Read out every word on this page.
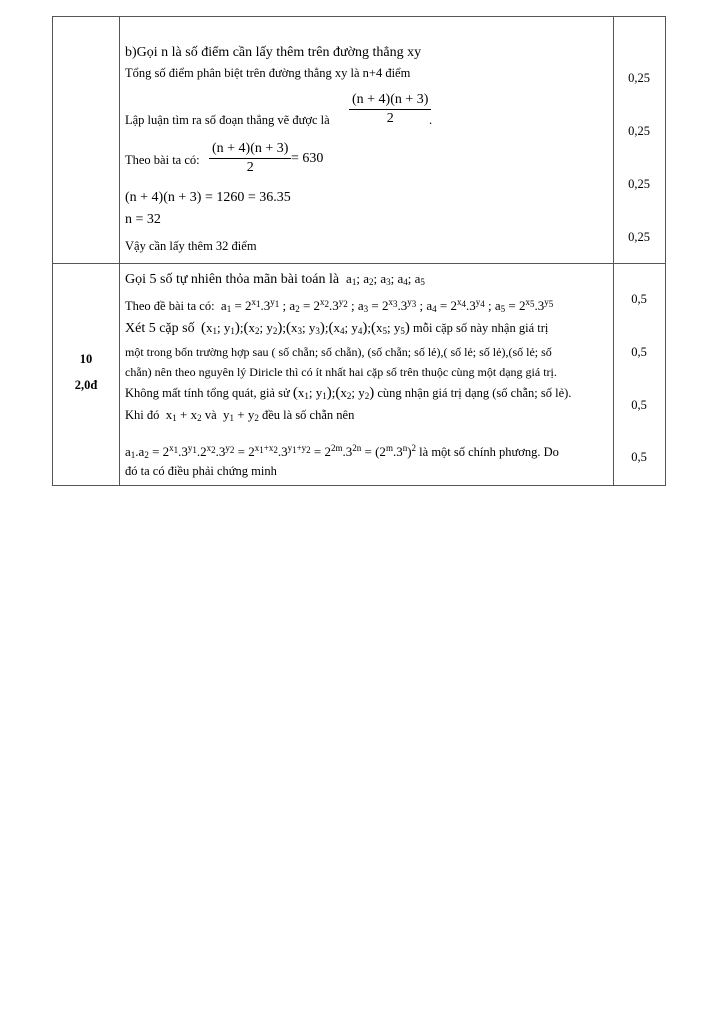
b)Gọi n là số điểm cần lấy thêm trên đường thẳng xy
Tổng số điểm phân biệt trên đường thẳng xy là n+4 điểm
Lập luận tìm ra số đoạn thẳng vẽ được là $\frac{(n + 4)(n + 3)}{2}$
.
Theo bài ta có: $\frac{(n + 4)(n + 3)}{2} = 630$
(n + 4)(n + 3) = 1260 = 36.35
n = 32
Vậy cần lấy thêm 32 điểm
0,25
0,25
0,25
0,25
10
2,0đ
Gọi 5 số tự nhiên thỏa mãn bài toán là $a_1$; $a_2$; $a_3$; $a_4$; $a_5$
Theo đề bài ta có:  $a_1 = 2^{x_1}.3^{y_1}$ ; $a_2 = 2^{x_2}.3^{y_2}$ ; $a_3 = 2^{x_3}.3^{y_3}$ ; $a_4 = 2^{x_4}.3^{y_4}$ ; $a_5 = 2^{x_5}.3^{y_5}$
Xét 5 cặp số ($x_1$; $y_1);(x_2$; $y_2);(x_3$; $y_3);(x_4$; $y_4);(x_5$; $y_5$) mỗi cặp số này nhận giá trị
một trong bốn trường hợp sau ( số chẵn; số chẵn), (số chẵn; số lẻ),( số lẻ; số lẻ),(số lẻ; số
chẵn) nên theo nguyên lý Diricle thì có ít nhất hai cặp số trên thuộc cùng một dạng giá trị.
Không mất tính tổng quát, giả sử ($x_1$; $y_1);(x_2$; $y_2$) cùng nhận giá trị dạng (số chẵn; số lẻ).
Khi đó  $x_1 + x_2$ và  $y_1 + y_2$ đều là số chẵn nên
$a_1.a_2 = 2^{x_1}.3^{y_1}.2^{x_2}.3^{y_2} = 2^{x_1+x_2}.3^{y_1+y_2} = 2^{2m}.3^{2n} = (2^m.3^n)^2$ là một số chính phương. Do
đó ta có điều phải chứng minh
0,5
0,5
0,5
0,5
